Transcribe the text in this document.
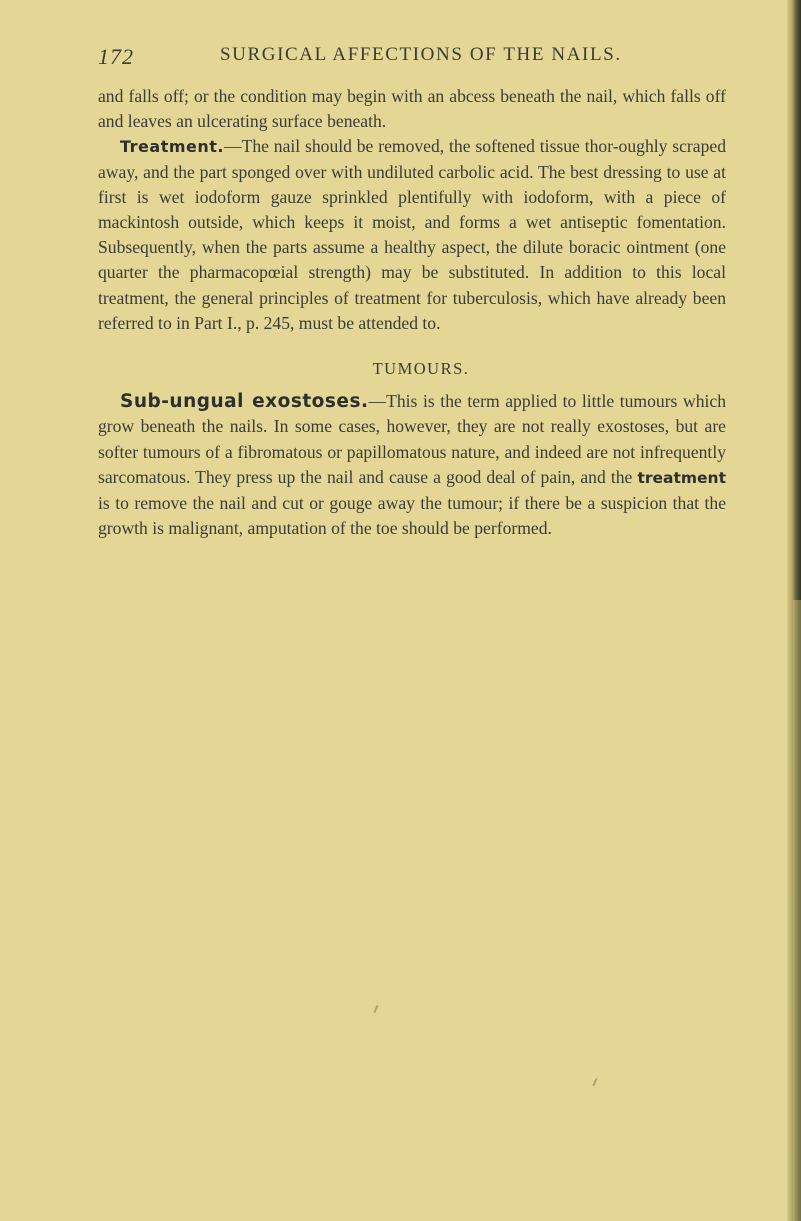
172	SURGICAL AFFECTIONS OF THE NAILS.

and falls off; or the condition may begin with an abcess beneath the nail, which falls off and leaves an ulcerating surface beneath.

Treatment.—The nail should be removed, the softened tissue thor-oughly scraped away, and the part sponged over with undiluted carbolic acid. The best dressing to use at first is wet iodoform gauze sprinkled plentifully with iodoform, with a piece of mackintosh outside, which keeps it moist, and forms a wet antiseptic fomentation. Subsequently, when the parts assume a healthy aspect, the dilute boracic ointment (one quarter the pharmacopœial strength) may be substituted. In addition to this local treatment, the general principles of treatment for tuberculosis, which have already been referred to in Part I., p. 245, must be attended to.

TUMOURS.

Sub-ungual exostoses.—This is the term applied to little tumours which grow beneath the nails. In some cases, however, they are not really exostoses, but are softer tumours of a fibromatous or papillomatous nature, and indeed are not infrequently sarcomatous. They press up the nail and cause a good deal of pain, and the treatment is to remove the nail and cut or gouge away the tumour; if there be a suspicion that the growth is malignant, amputation of the toe should be performed.
